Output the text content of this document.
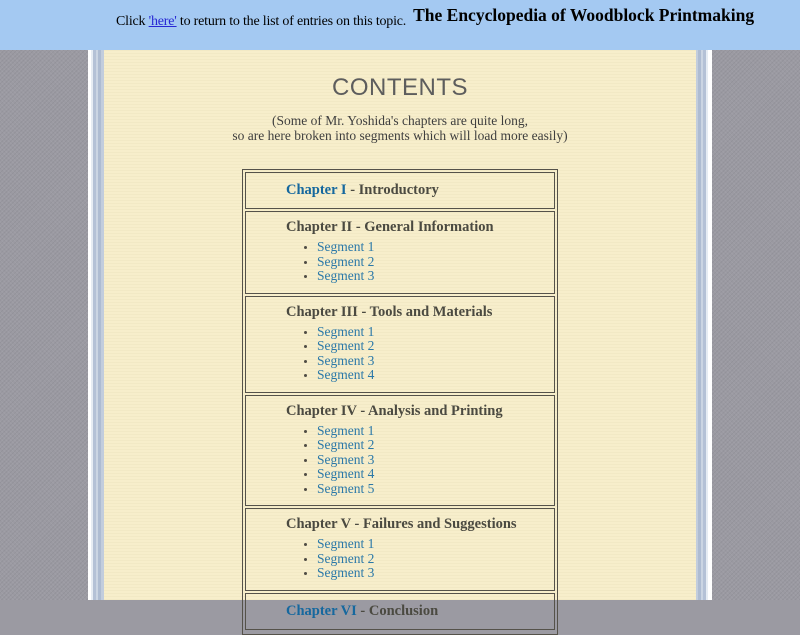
Click 'here' to return to the list of entries on this topic. The Encyclopedia of Woodblock Printmaking
CONTENTS
(Some of Mr. Yoshida's chapters are quite long,
so are here broken into segments which will load more easily)
Chapter I - Introductory
Chapter II - General Information
• Segment 1
• Segment 2
• Segment 3
Chapter III - Tools and Materials
• Segment 1
• Segment 2
• Segment 3
• Segment 4
Chapter IV - Analysis and Printing
• Segment 1
• Segment 2
• Segment 3
• Segment 4
• Segment 5
Chapter V - Failures and Suggestions
• Segment 1
• Segment 2
• Segment 3
Chapter VI - Conclusion
